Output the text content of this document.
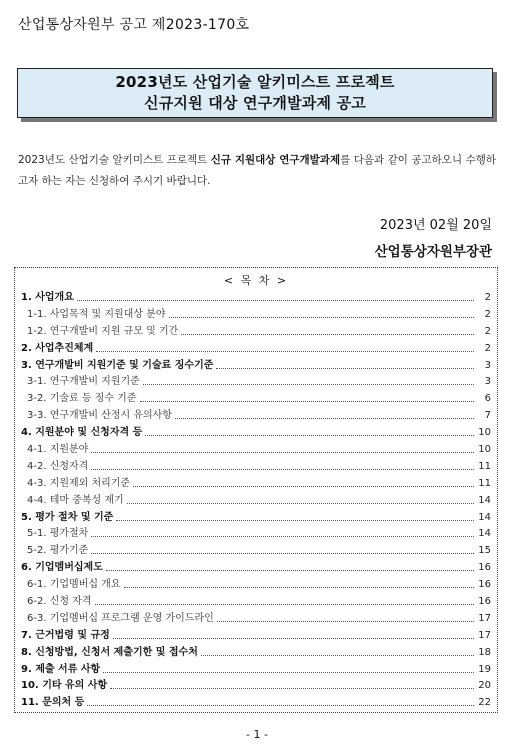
산업통상자원부 공고 제2023-170호
2023년도 산업기술 알키미스트 프로젝트
신규지원 대상 연구개발과제 공고

2023년도 산업기술 알키미스트 프로젝트 신규 지원대상 연구개발과제를 다음과 같이 공고하오니 수행하고자 하는 자는 신청하여 주시기 바랍니다.

2023년 02월 20일
산업통상자원부장관
< 목 차 >
1. 사업개요	2
1-1. 사업목적 및 지원대상 분야	2
1-2. 연구개발비 지원 규모 및 기간	2
2. 사업추진체계	2
3. 연구개발비 지원기준 및 기술료 징수기준	3
3-1. 연구개발비 지원기준	3
3-2. 기술료 등 징수 기준	6
3-3. 연구개발비 산정시 유의사항	7
4. 지원분야 및 신청자격 등	10
4-1. 지원분야	10
4-2. 신청자격	11
4-3. 지원제외 처리기준	11
4-4. 테마 중복성 제기	14
5. 평가 절차 및 기준	14
5-1. 평가절차	14
5-2. 평가기준	15
6. 기업멤버십제도	16
6-1. 기업멤버십 개요	16
6-2. 신청 자격	16
6-3. 기업멤버십 프로그램 운영 가이드라인	17
7. 근거법령 및 규정	17
8. 신청방법, 신청서 제출기한 및 접수처	18
9. 제출 서류 사항	19
10. 기타 유의 사항	20
11. 문의처 등	22
- 1 -
